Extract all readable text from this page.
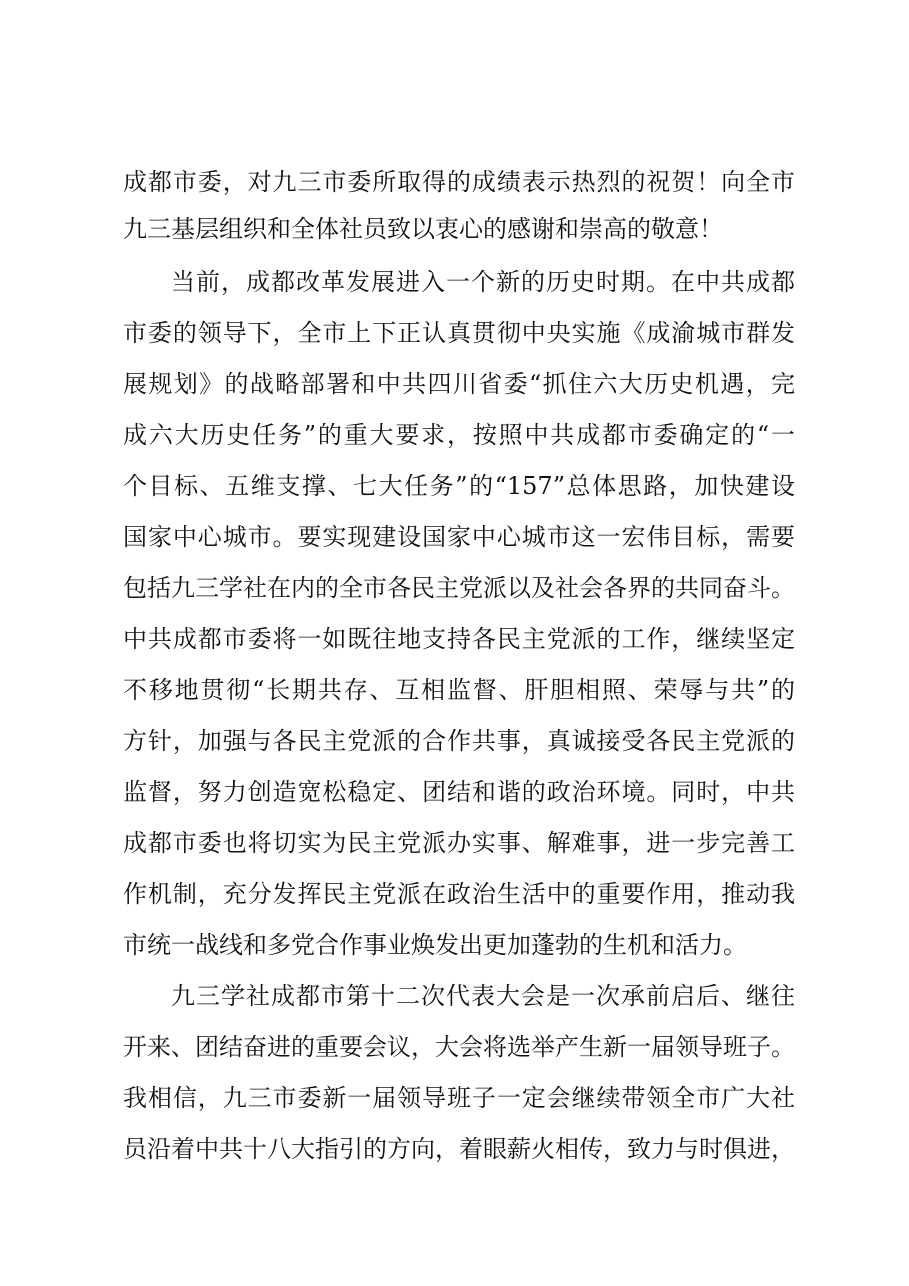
成都市委，对九三市委所取得的成绩表示热烈的祝贺！向全市
九三基层组织和全体社员致以衷心的感谢和崇高的敬意！
当前，成都改革发展进入一个新的历史时期。在中共成都
市委的领导下，全市上下正认真贯彻中央实施《成渝城市群发
展规划》的战略部署和中共四川省委“抓住六大历史机遇，完
成六大历史任务”的重大要求，按照中共成都市委确定的“一
个目标、五维支撑、七大任务”的“157”总体思路，加快建设
国家中心城市。要实现建设国家中心城市这一宏伟目标，需要
包括九三学社在内的全市各民主党派以及社会各界的共同奋斗。
中共成都市委将一如既往地支持各民主党派的工作，继续坚定
不移地贯彻“长期共存、互相监督、肝胆相照、荣辱与共”的
方针，加强与各民主党派的合作共事，真诚接受各民主党派的
监督，努力创造宽松稳定、团结和谐的政治环境。同时，中共
成都市委也将切实为民主党派办实事、解难事，进一步完善工
作机制，充分发挥民主党派在政治生活中的重要作用，推动我
市统一战线和多党合作事业焕发出更加蓬勃的生机和活力。
九三学社成都市第十二次代表大会是一次承前启后、继往
开来、团结奋进的重要会议，大会将选举产生新一届领导班子。
我相信，九三市委新一届领导班子一定会继续带领全市广大社
员沿着中共十八大指引的方向，着眼薪火相传，致力与时俱进，
